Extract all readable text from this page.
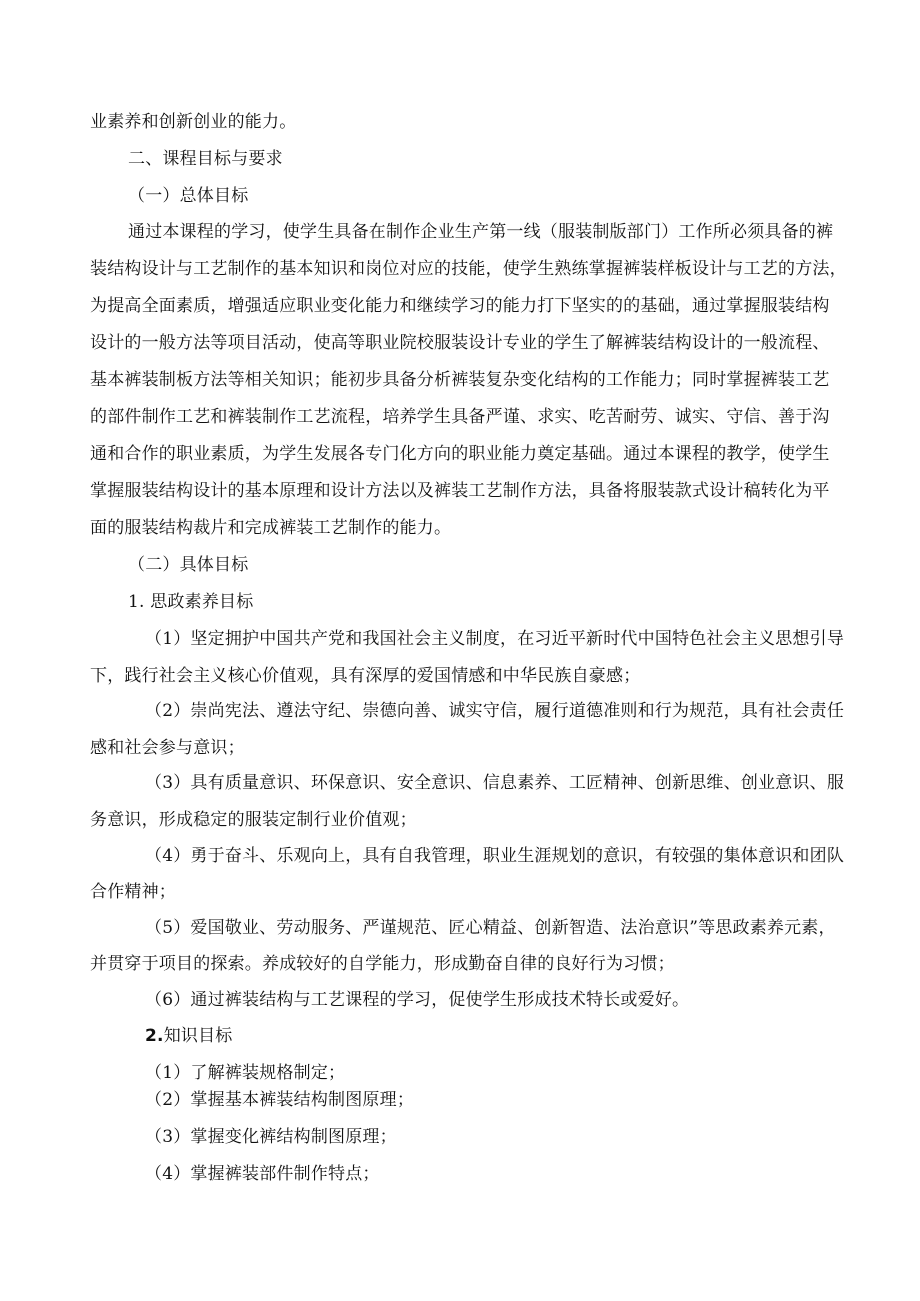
业素养和创新创业的能力。
二、课程目标与要求
（一）总体目标
通过本课程的学习，使学生具备在制作企业生产第一线（服装制版部门）工作所必须具备的裤
装结构设计与工艺制作的基本知识和岗位对应的技能，使学生熟练掌握裤装样板设计与工艺的方法，
为提高全面素质，增强适应职业变化能力和继续学习的能力打下坚实的的基础，通过掌握服装结构
设计的一般方法等项目活动，使高等职业院校服装设计专业的学生了解裤装结构设计的一般流程、
基本裤装制板方法等相关知识；能初步具备分析裤装复杂变化结构的工作能力；同时掌握裤装工艺
的部件制作工艺和裤装制作工艺流程，培养学生具备严谨、求实、吃苦耐劳、诚实、守信、善于沟
通和合作的职业素质，为学生发展各专门化方向的职业能力奠定基础。通过本课程的教学，使学生
掌握服装结构设计的基本原理和设计方法以及裤装工艺制作方法，具备将服装款式设计稿转化为平
面的服装结构裁片和完成裤装工艺制作的能力。
（二）具体目标
1. 思政素养目标
（1）坚定拥护中国共产党和我国社会主义制度，在习近平新时代中国特色社会主义思想引导
下，践行社会主义核心价值观，具有深厚的爱国情感和中华民族自豪感；
（2）崇尚宪法、遵法守纪、崇德向善、诚实守信，履行道德准则和行为规范，具有社会责任
感和社会参与意识；
（3）具有质量意识、环保意识、安全意识、信息素养、工匠精神、创新思维、创业意识、服
务意识，形成稳定的服装定制行业价值观；
（4）勇于奋斗、乐观向上，具有自我管理，职业生涯规划的意识，有较强的集体意识和团队
合作精神；
（5）爱国敬业、劳动服务、严谨规范、匠心精益、创新智造、法治意识”等思政素养元素，
并贯穿于项目的探索。养成较好的自学能力，形成勤奋自律的良好行为习惯；
（6）通过裤装结构与工艺课程的学习，促使学生形成技术特长或爱好。
2.知识目标
（1）了解裤装规格制定；
（2）掌握基本裤装结构制图原理；
（3）掌握变化裤结构制图原理；
（4）掌握裤装部件制作特点；
